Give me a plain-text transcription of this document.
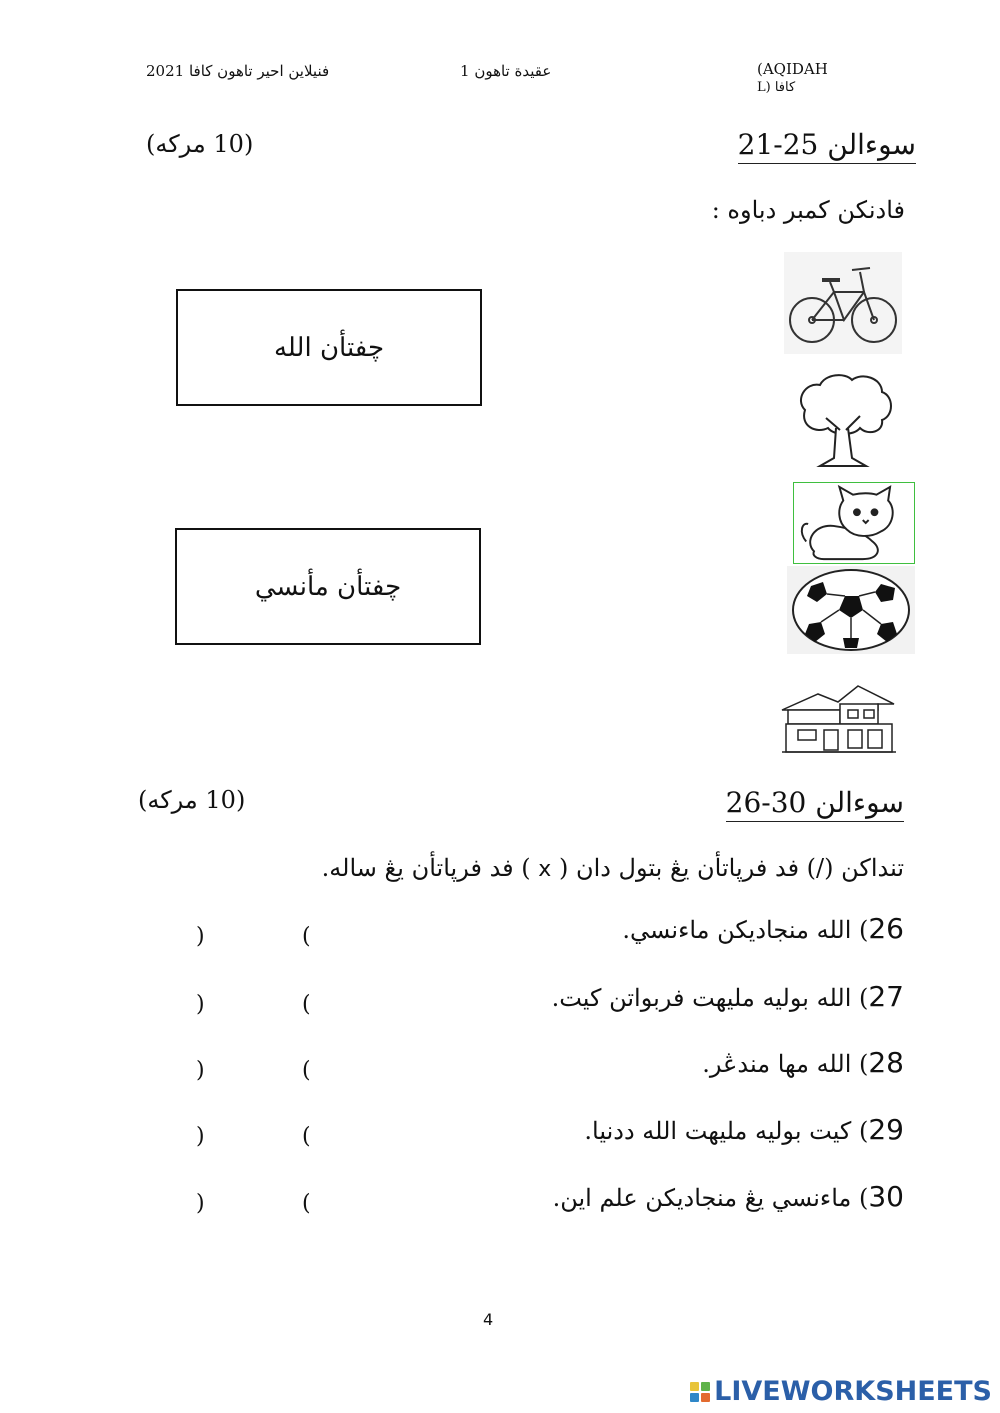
فنيلاين احير تاهون كافا 2021	عقيدة تاهون 1	(AQIDAH
كافا (L
سوءالن 25-21
(10 مركه)
فادنكن كمبر دباوه :
چفتأن الله
چفتأن مأنسي
سوءالن 30-26
(10 مركه)
تنداكن (/) فد فرڽاتأن يڠ بتول دان ( x ) فد فرڽاتأن يڠ ساله.
26) الله منجاديكن ماءنسي.
(
)
27) الله بوليه مليهت فربواتن كيت.
(
)
28) الله مها مندڠر.
(
)
29) كيت بوليه مليهت الله ددنيا.
(
)
30) ماءنسي يڠ منجاديكن علم اين.
(
)
4
LIVEWORKSHEETS
